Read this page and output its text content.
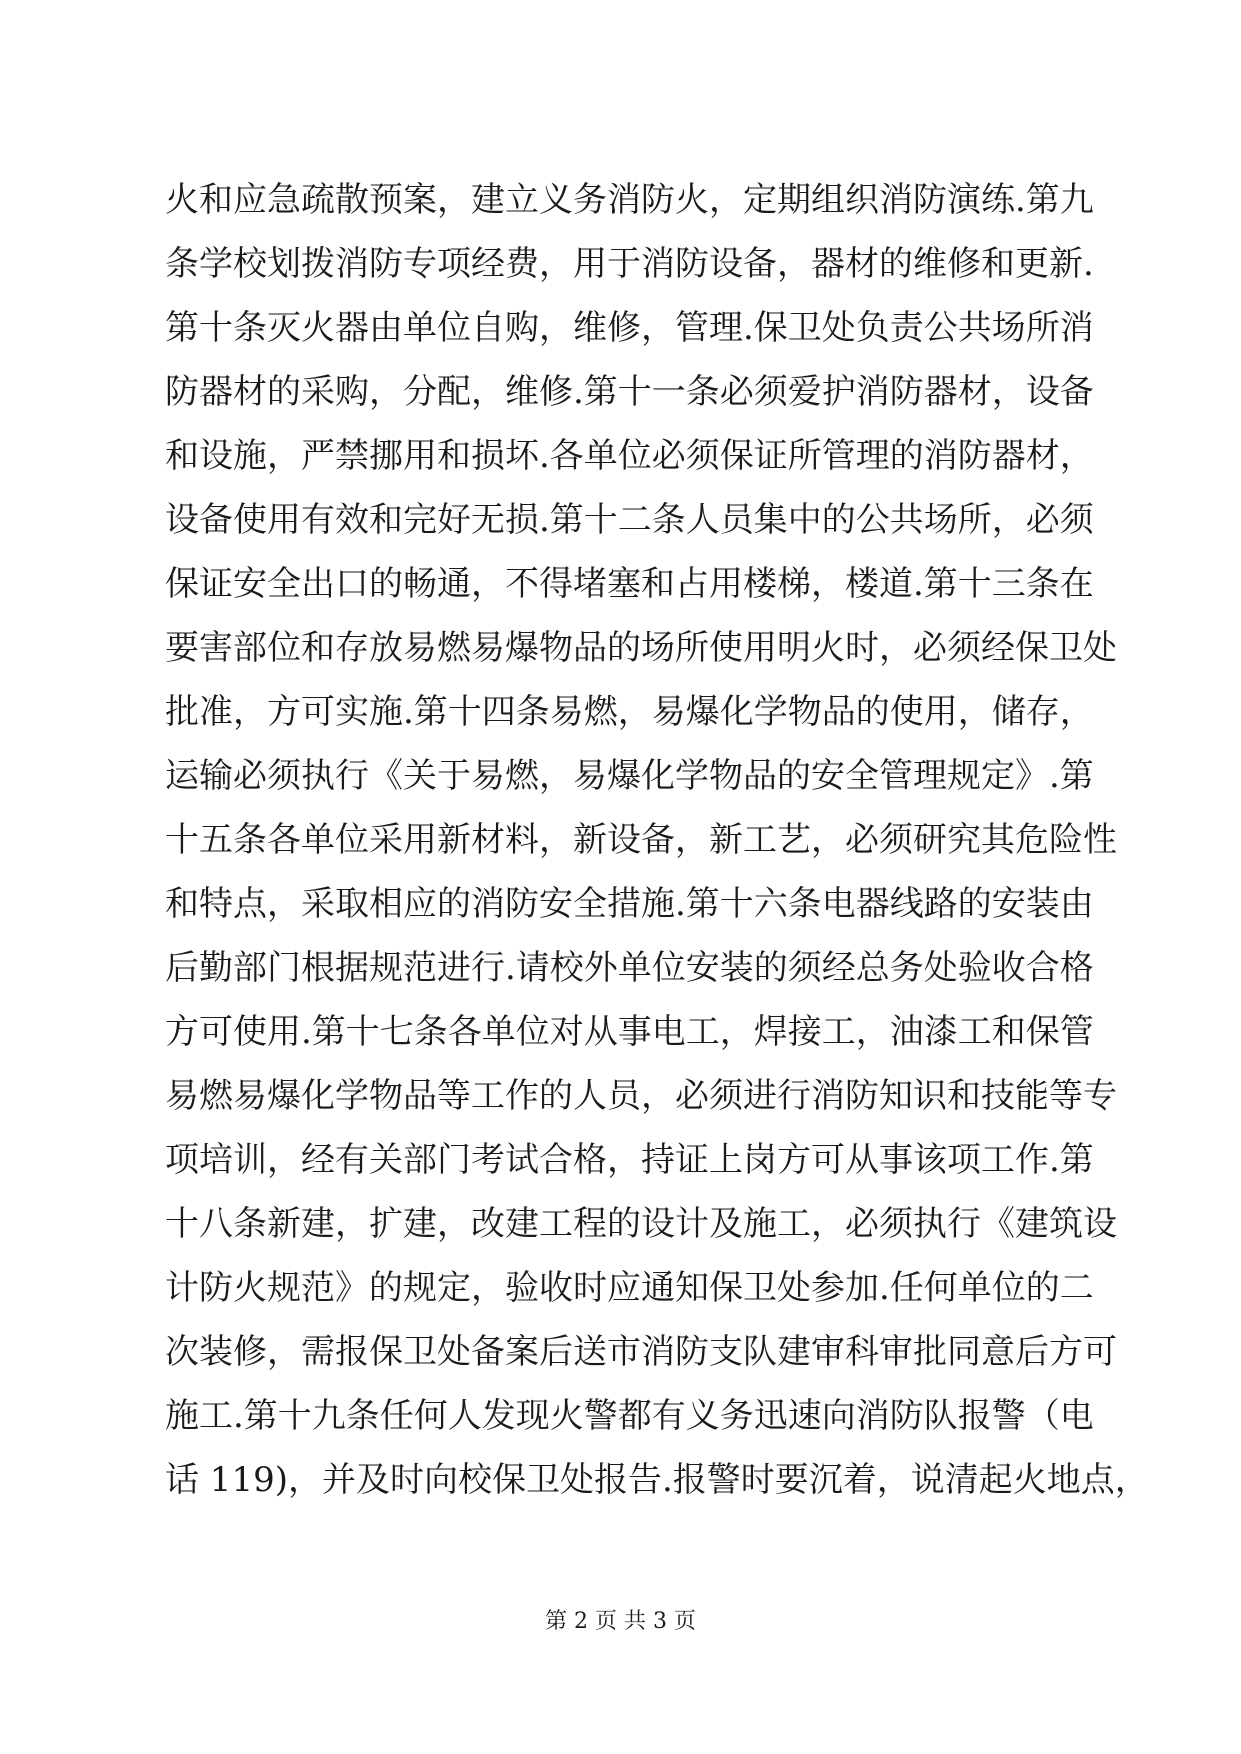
火和应急疏散预案，建立义务消防火，定期组织消防演练.第九
条学校划拨消防专项经费，用于消防设备，器材的维修和更新.
第十条灭火器由单位自购，维修，管理.保卫处负责公共场所消
防器材的采购，分配，维修.第十一条必须爱护消防器材，设备
和设施，严禁挪用和损坏.各单位必须保证所管理的消防器材，
设备使用有效和完好无损.第十二条人员集中的公共场所，必须
保证安全出口的畅通，不得堵塞和占用楼梯，楼道.第十三条在
要害部位和存放易燃易爆物品的场所使用明火时，必须经保卫处
批准，方可实施.第十四条易燃，易爆化学物品的使用，储存，
运输必须执行《关于易燃，易爆化学物品的安全管理规定》.第
十五条各单位采用新材料，新设备，新工艺，必须研究其危险性
和特点，采取相应的消防安全措施.第十六条电器线路的安装由
后勤部门根据规范进行.请校外单位安装的须经总务处验收合格
方可使用.第十七条各单位对从事电工，焊接工，油漆工和保管
易燃易爆化学物品等工作的人员，必须进行消防知识和技能等专
项培训，经有关部门考试合格，持证上岗方可从事该项工作.第
十八条新建，扩建，改建工程的设计及施工，必须执行《建筑设
计防火规范》的规定，验收时应通知保卫处参加.任何单位的二
次装修，需报保卫处备案后送市消防支队建审科审批同意后方可
施工.第十九条任何人发现火警都有义务迅速向消防队报警（电
话 119)，并及时向校保卫处报告.报警时要沉着，说清起火地点，
第 2 页 共 3 页
